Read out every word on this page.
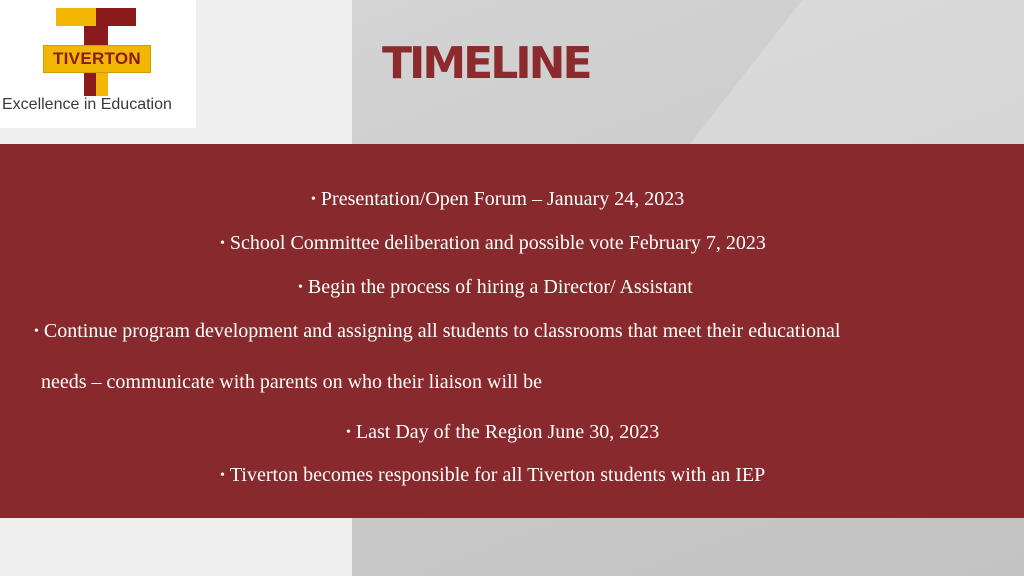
TIVERTON
Excellence in Education
TIMELINE
• Presentation/Open Forum – January 24, 2023
• School Committee deliberation and possible vote February 7, 2023
• Begin the process of hiring a Director/ Assistant
• Continue program development and assigning all students to classrooms that meet their educational
needs – communicate with parents on who their liaison will be
• Last Day of the Region June 30, 2023
• Tiverton becomes responsible for all Tiverton students with an IEP
